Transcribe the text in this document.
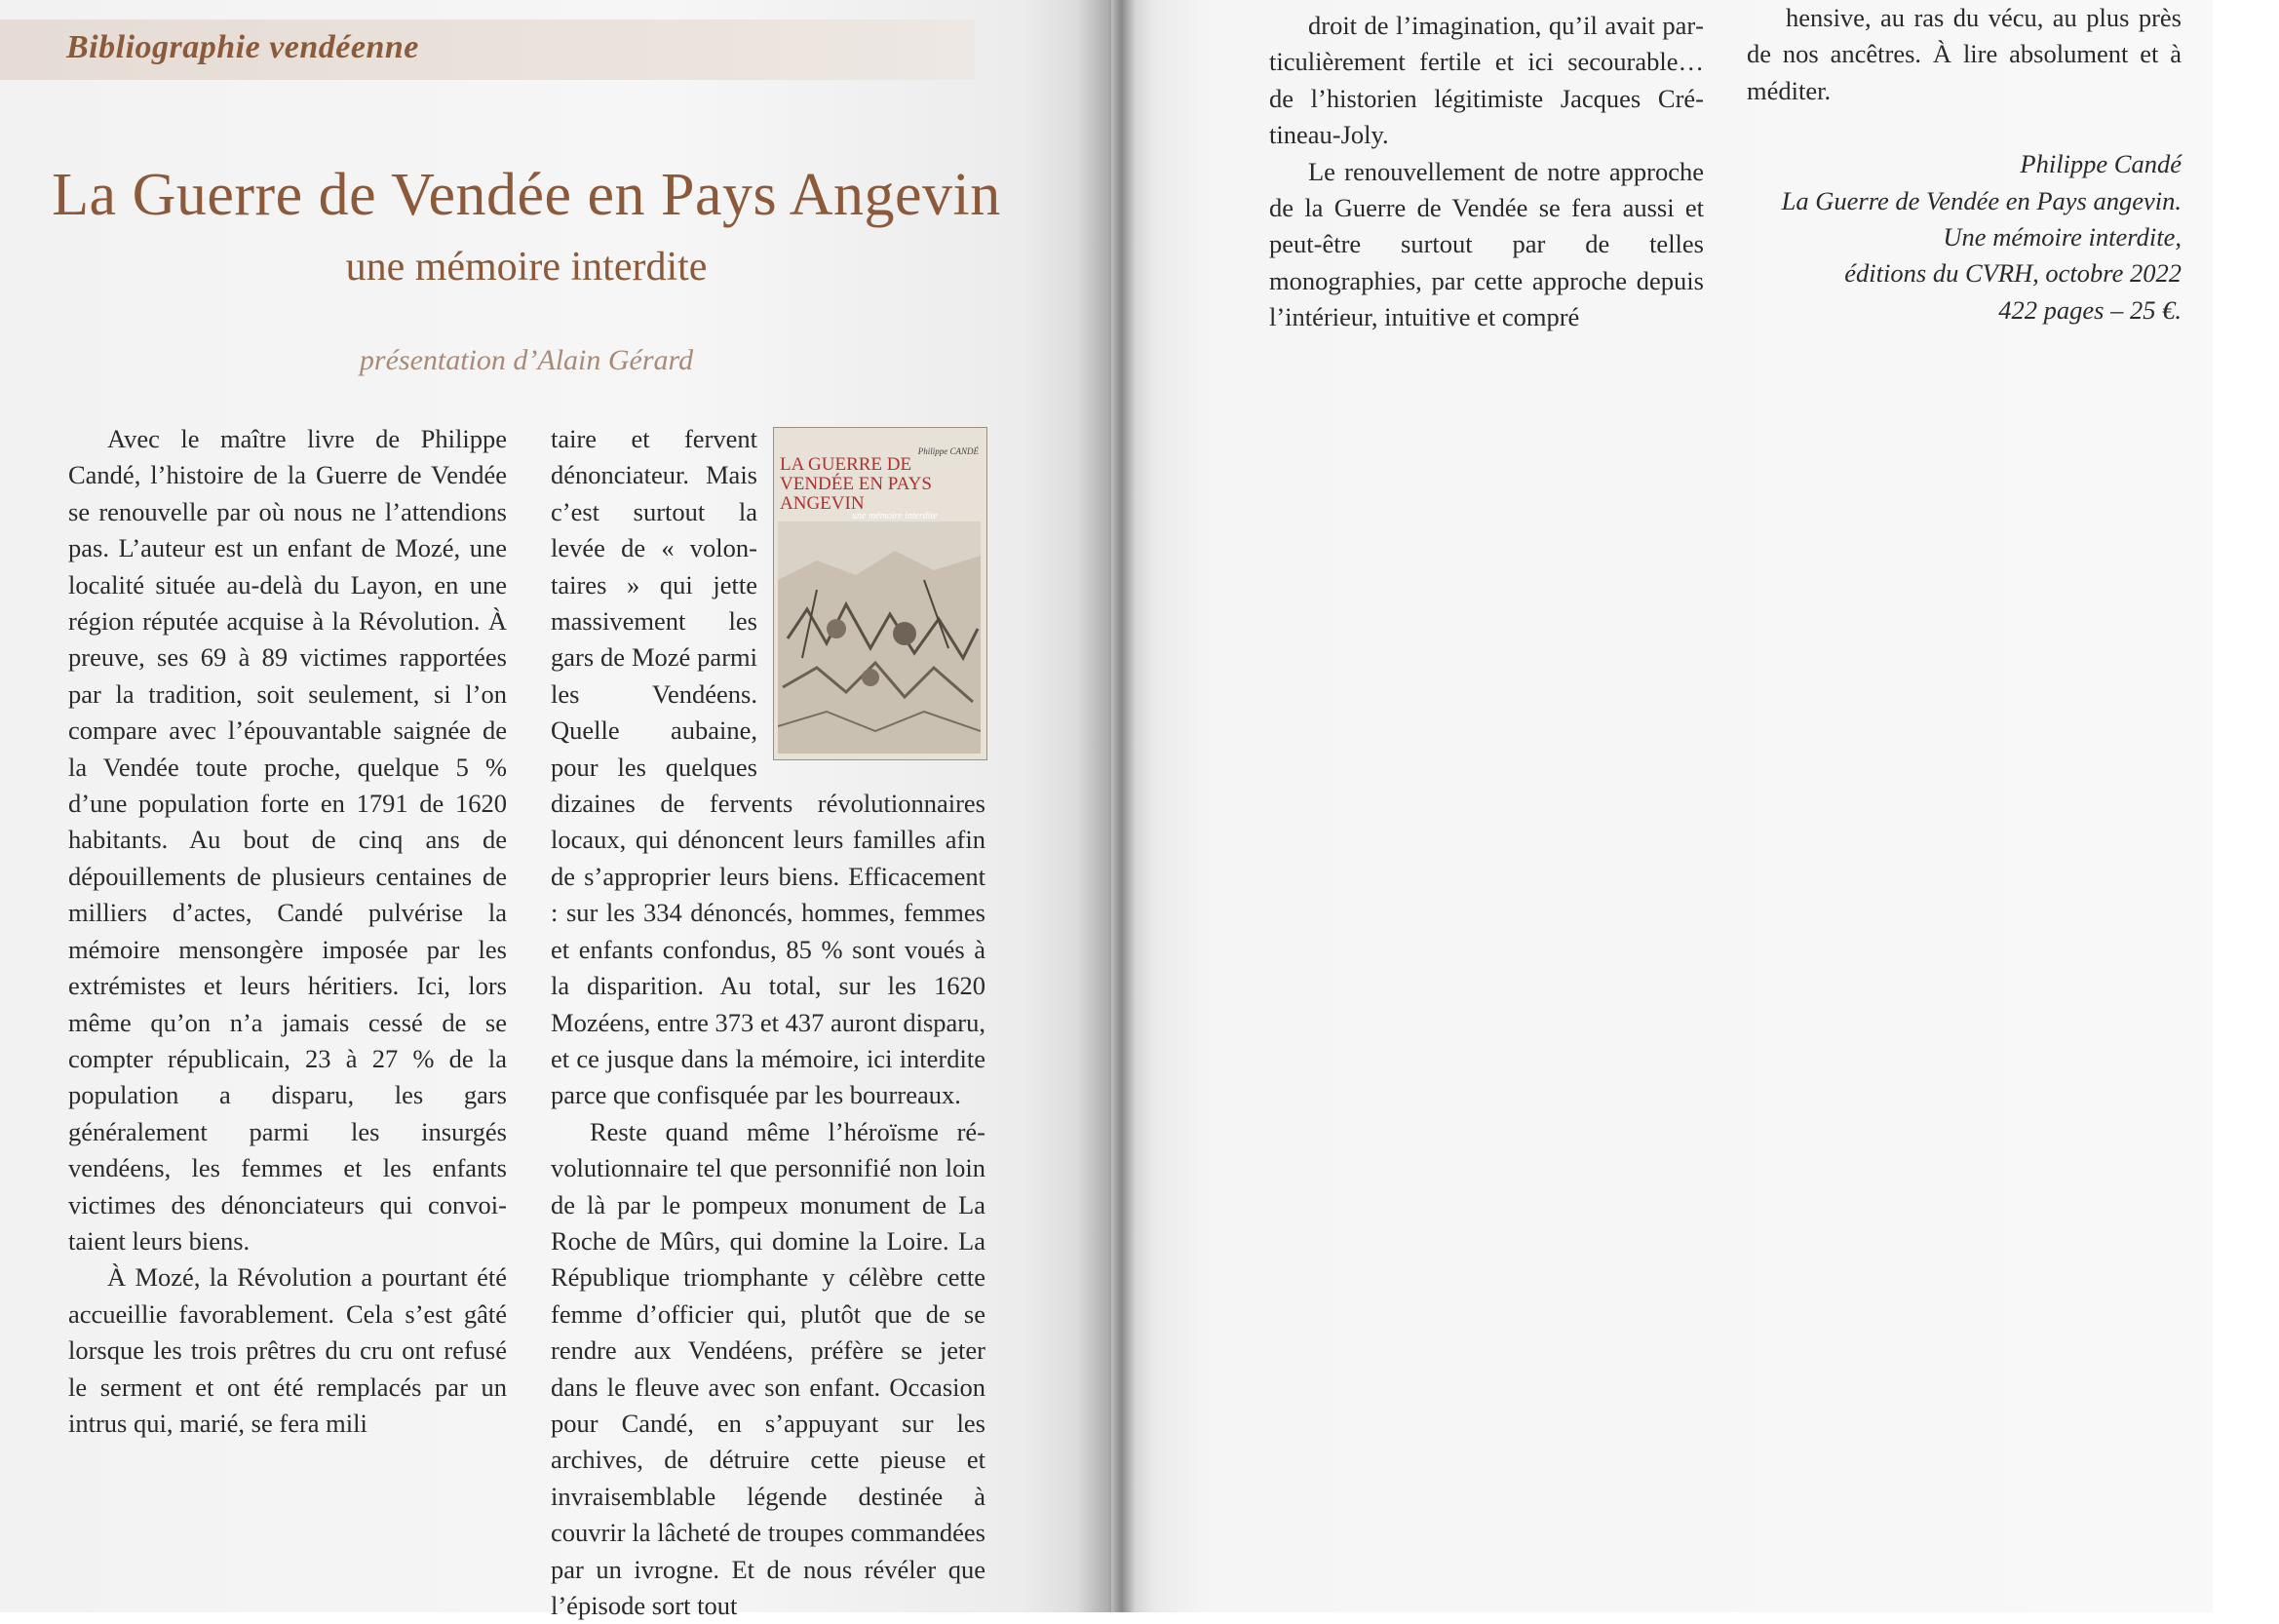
Bibliographie vendéenne
La Guerre de Vendée en Pays Angevin
une mémoire interdite
présentation d’Alain Gérard

Avec le maître livre de Philippe Candé, l’histoire de la Guerre de Vendée se renouvelle par où nous ne l’attendions pas. L’auteur est un enfant de Mozé, une localité située au-delà du Layon, en une région réputée acquise à la Révolution. À preuve, ses 69 à 89 victimes rapportées par la tradition, soit seulement, si l’on compare avec l’épouvantable saignée de la Vendée toute proche, quelque 5 % d’une population forte en 1791 de 1620 habitants. Au bout de cinq ans de dépouillements de plusieurs centaines de milliers d’actes, Candé pulvérise la mémoire mensongère imposée par les extrémistes et leurs héritiers. Ici, lors même qu’on n’a jamais cessé de se compter républicain, 23 à 27 % de la population a disparu, les gars généralement parmi les insurgés vendéens, les femmes et les enfants victimes des dénonciateurs qui convoitaient leurs biens.

À Mozé, la Révolution a pourtant été accueillie favorablement. Cela s’est gâté lorsque les trois prêtres du cru ont refusé le serment et ont été remplacés par un intrus qui, marié, se fera mili

Philippe CANDÉ
LA GUERRE DE VENDÉE EN PAYS ANGEVIN
une mémoire interdite

taire et fervent dénonciateur. Mais c’est surtout la levée de « volontaires » qui jette massivement les gars de Mozé parmi les Vendéens. Quelle aubaine, pour les quelques dizaines de fervents révolutionnaires locaux, qui dénoncent leurs familles afin de s’approprier leurs biens. Efficacement : sur les 334 dénoncés, hommes, femmes et enfants confondus, 85 % sont voués à la disparition. Au total, sur les 1620 Mozéens, entre 373 et 437 auront disparu, et ce jusque dans la mémoire, ici interdite parce que confisquée par les bourreaux.

Reste quand même l’héroïsme révolutionnaire tel que personnifié non loin de là par le pompeux monument de La Roche de Mûrs, qui domine la Loire. La République triomphante y célèbre cette femme d’officier qui, plutôt que de se rendre aux Vendéens, préfère se jeter dans le fleuve avec son enfant. Occasion pour Candé, en s’appuyant sur les archives, de détruire cette pieuse et invraisemblable légende destinée à couvrir la lâcheté de troupes commandées par un ivrogne. Et de nous révéler que l’épisode sort tout

droit de l’imagination, qu’il avait particulièrement fertile et ici secourable… de l’historien légitimiste Jacques Crétineau-Joly.

Le renouvellement de notre approche de la Guerre de Vendée se fera aussi et peut-être surtout par de telles monographies, par cette approche depuis l’intérieur, intuitive et compré

hensive, au ras du vécu, au plus près de nos ancêtres. À lire absolument et à méditer.

Philippe Candé
La Guerre de Vendée en Pays angevin.
Une mémoire interdite,
éditions du CVRH, octobre 2022
422 pages – 25 €.
